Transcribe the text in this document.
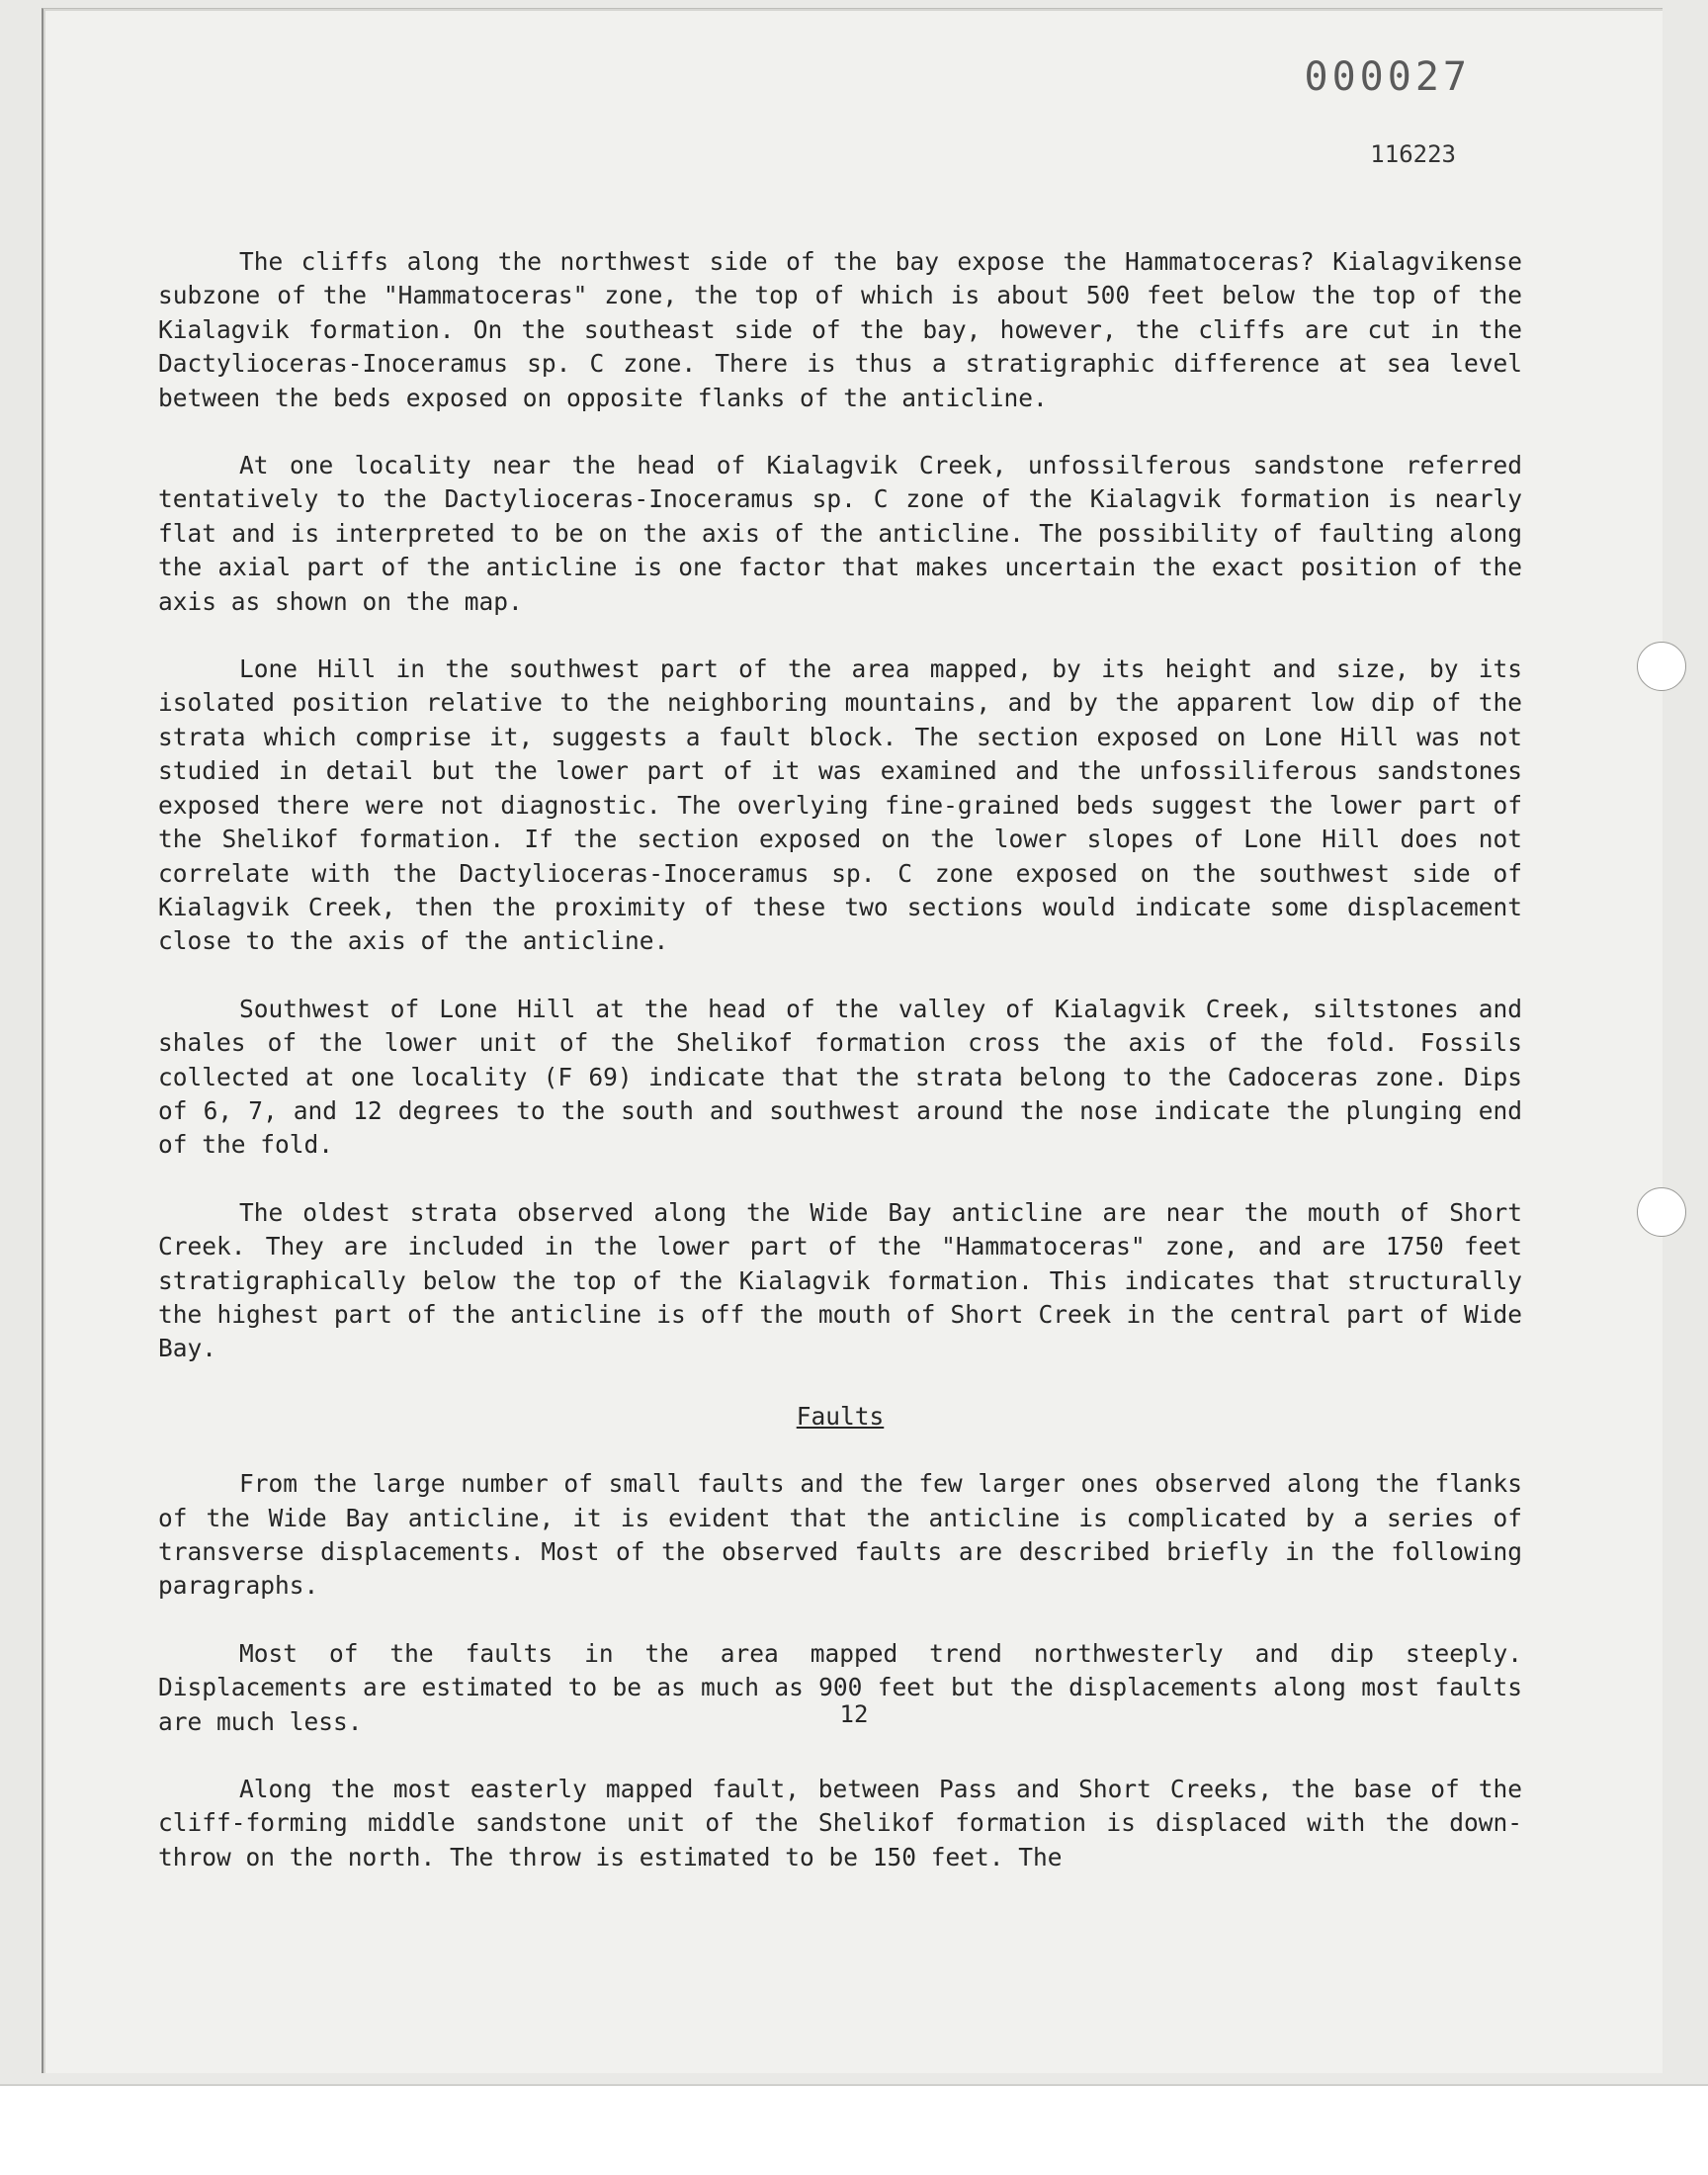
000027
116223

The cliffs along the northwest side of the bay expose the Hammatoceras? Kialagvikense subzone of the "Hammatoceras" zone, the top of which is about 500 feet below the top of the Kialagvik formation. On the southeast side of the bay, however, the cliffs are cut in the Dactylioceras-Inoceramus sp. C zone. There is thus a stratigraphic difference at sea level between the beds exposed on opposite flanks of the anticline.

At one locality near the head of Kialagvik Creek, unfossilferous sandstone referred tentatively to the Dactylioceras-Inoceramus sp. C zone of the Kialagvik formation is nearly flat and is interpreted to be on the axis of the anticline. The possibility of faulting along the axial part of the anticline is one factor that makes uncertain the exact position of the axis as shown on the map.

Lone Hill in the southwest part of the area mapped, by its height and size, by its isolated position relative to the neighboring mountains, and by the apparent low dip of the strata which comprise it, suggests a fault block. The section exposed on Lone Hill was not studied in detail but the lower part of it was examined and the unfossiliferous sandstones exposed there were not diagnostic. The overlying fine-grained beds suggest the lower part of the Shelikof formation. If the section exposed on the lower slopes of Lone Hill does not correlate with the Dactylioceras-Inoceramus sp. C zone exposed on the southwest side of Kialagvik Creek, then the proximity of these two sections would indicate some displacement close to the axis of the anticline.

Southwest of Lone Hill at the head of the valley of Kialagvik Creek, siltstones and shales of the lower unit of the Shelikof formation cross the axis of the fold. Fossils collected at one locality (F 69) indicate that the strata belong to the Cadoceras zone. Dips of 6, 7, and 12 degrees to the south and southwest around the nose indicate the plunging end of the fold.

The oldest strata observed along the Wide Bay anticline are near the mouth of Short Creek. They are included in the lower part of the "Hammatoceras" zone, and are 1750 feet stratigraphically below the top of the Kialagvik formation. This indicates that structurally the highest part of the anticline is off the mouth of Short Creek in the central part of Wide Bay.

Faults

From the large number of small faults and the few larger ones observed along the flanks of the Wide Bay anticline, it is evident that the anticline is complicated by a series of transverse displacements. Most of the observed faults are described briefly in the following paragraphs.

Most of the faults in the area mapped trend northwesterly and dip steeply. Displacements are estimated to be as much as 900 feet but the displacements along most faults are much less.

Along the most easterly mapped fault, between Pass and Short Creeks, the base of the cliff-forming middle sandstone unit of the Shelikof formation is displaced with the down-throw on the north. The throw is estimated to be 150 feet. The

12
